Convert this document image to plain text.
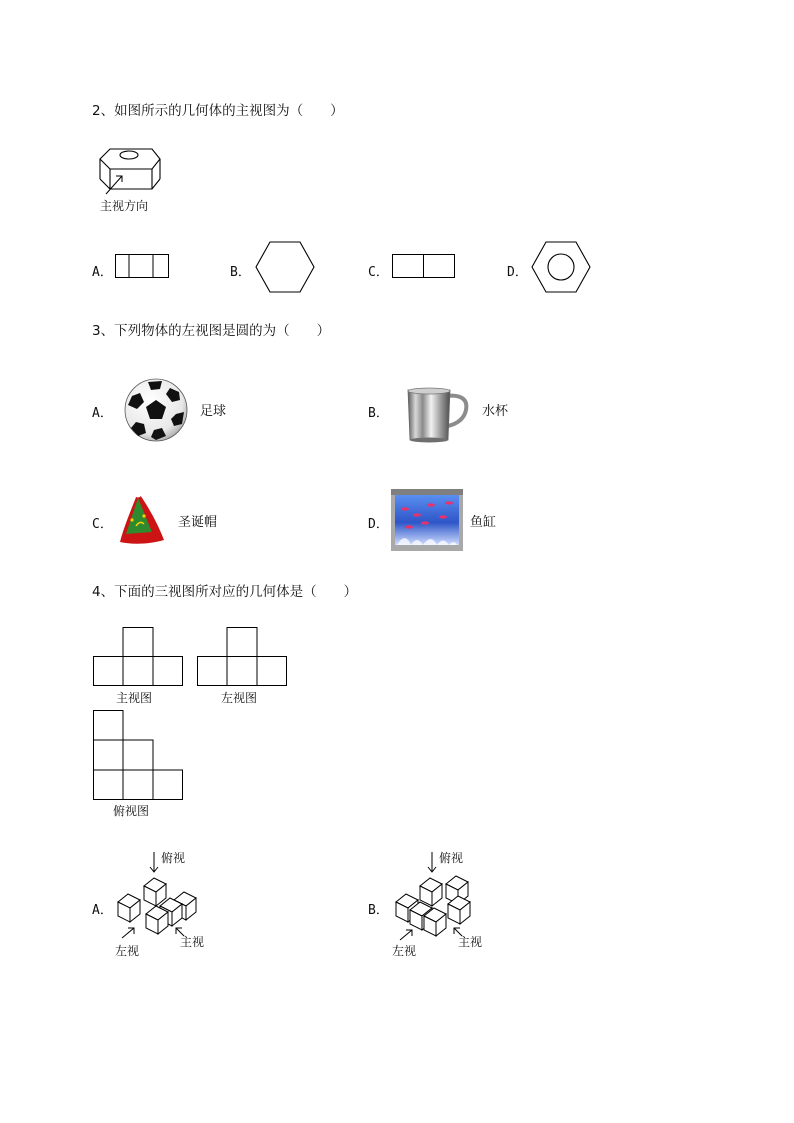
2、如图所示的几何体的主视图为（　　）
主视方向
A．	B．	C．	D．
3、下列物体的左视图是圆的为（　　）
A．	足球	B．	水杯
C．	圣诞帽	D．	鱼缸
4、下面的三视图所对应的几何体是（　　）
主视图	左视图
俯视图
A．
俯视
左视
主视
B．
俯视
左视
主视
